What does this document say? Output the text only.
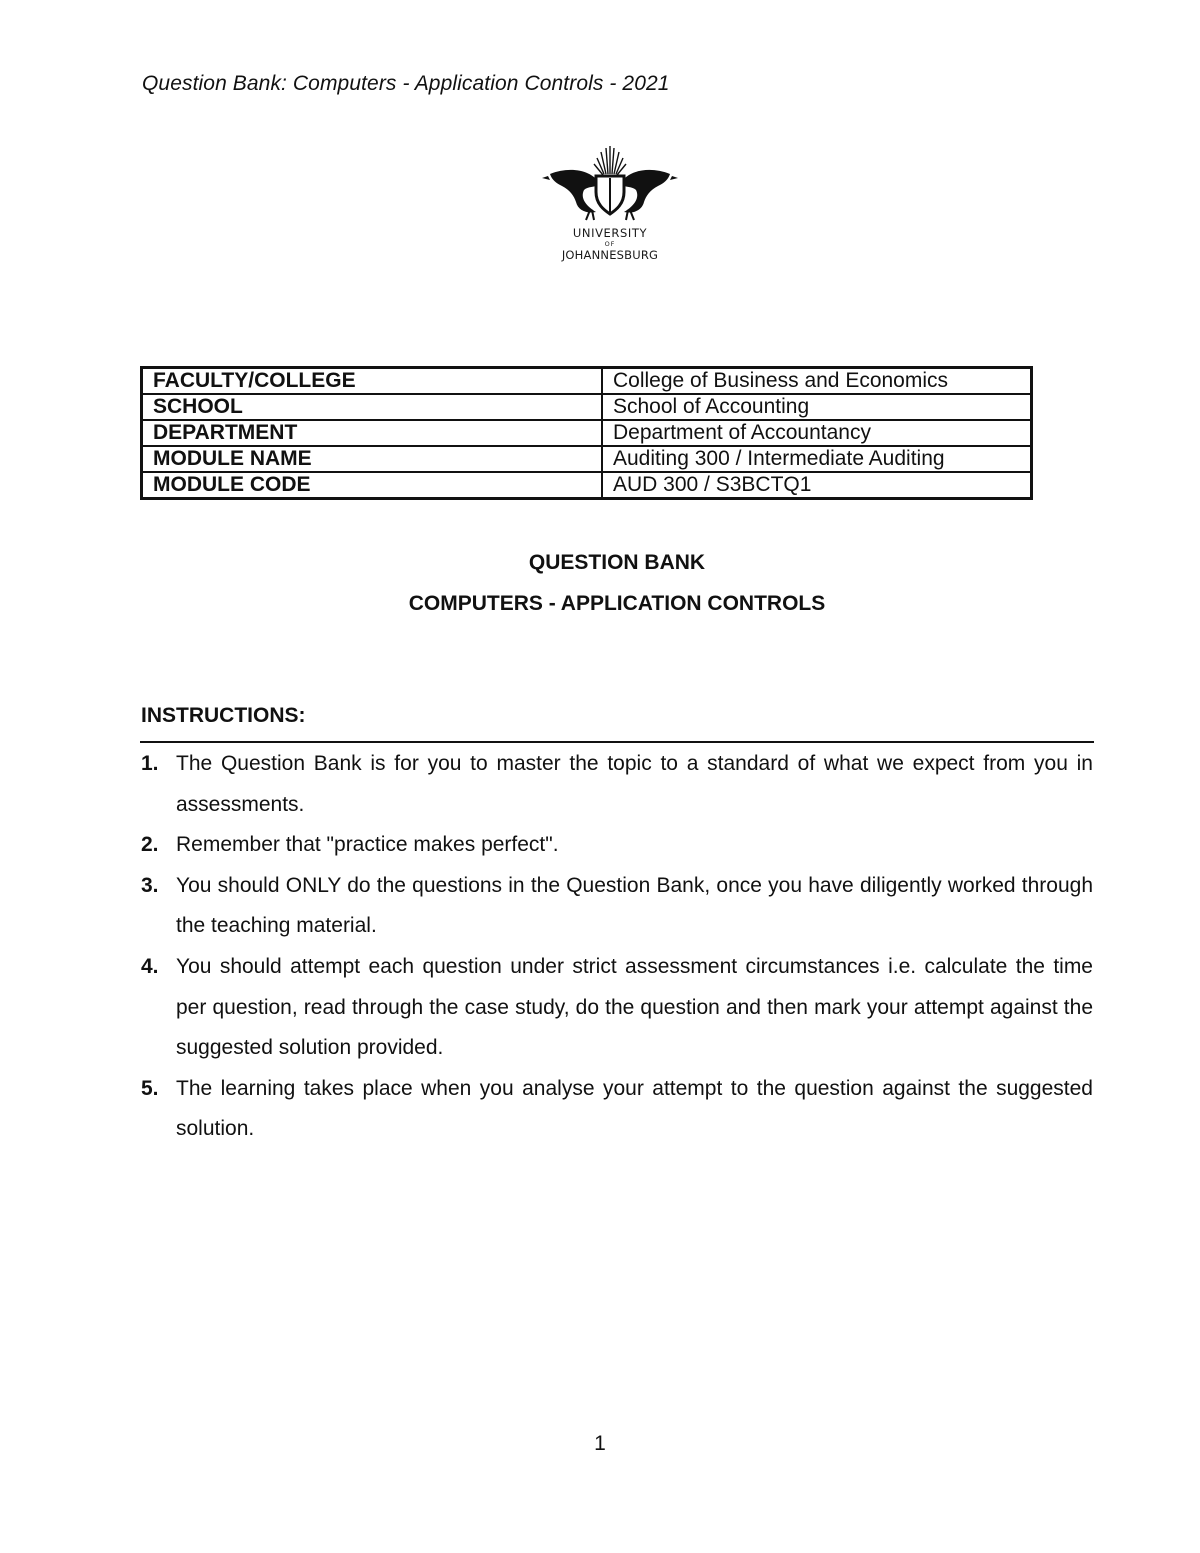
Question Bank: Computers - Application Controls - 2021
UNIVERSITY
OF
JOHANNESBURG
FACULTY/COLLEGE	College of Business and Economics
SCHOOL	School of Accounting
DEPARTMENT	Department of Accountancy
MODULE NAME	Auditing 300 / Intermediate Auditing
MODULE CODE	AUD 300 / S3BCTQ1
QUESTION BANK
COMPUTERS - APPLICATION CONTROLS
INSTRUCTIONS:
1. The Question Bank is for you to master the topic to a standard of what we expect from you in assessments.
2. Remember that "practice makes perfect".
3. You should ONLY do the questions in the Question Bank, once you have diligently worked through the teaching material.
4. You should attempt each question under strict assessment circumstances i.e. calculate the time per question, read through the case study, do the question and then mark your attempt against the suggested solution provided.
5. The learning takes place when you analyse your attempt to the question against the suggested solution.
1
